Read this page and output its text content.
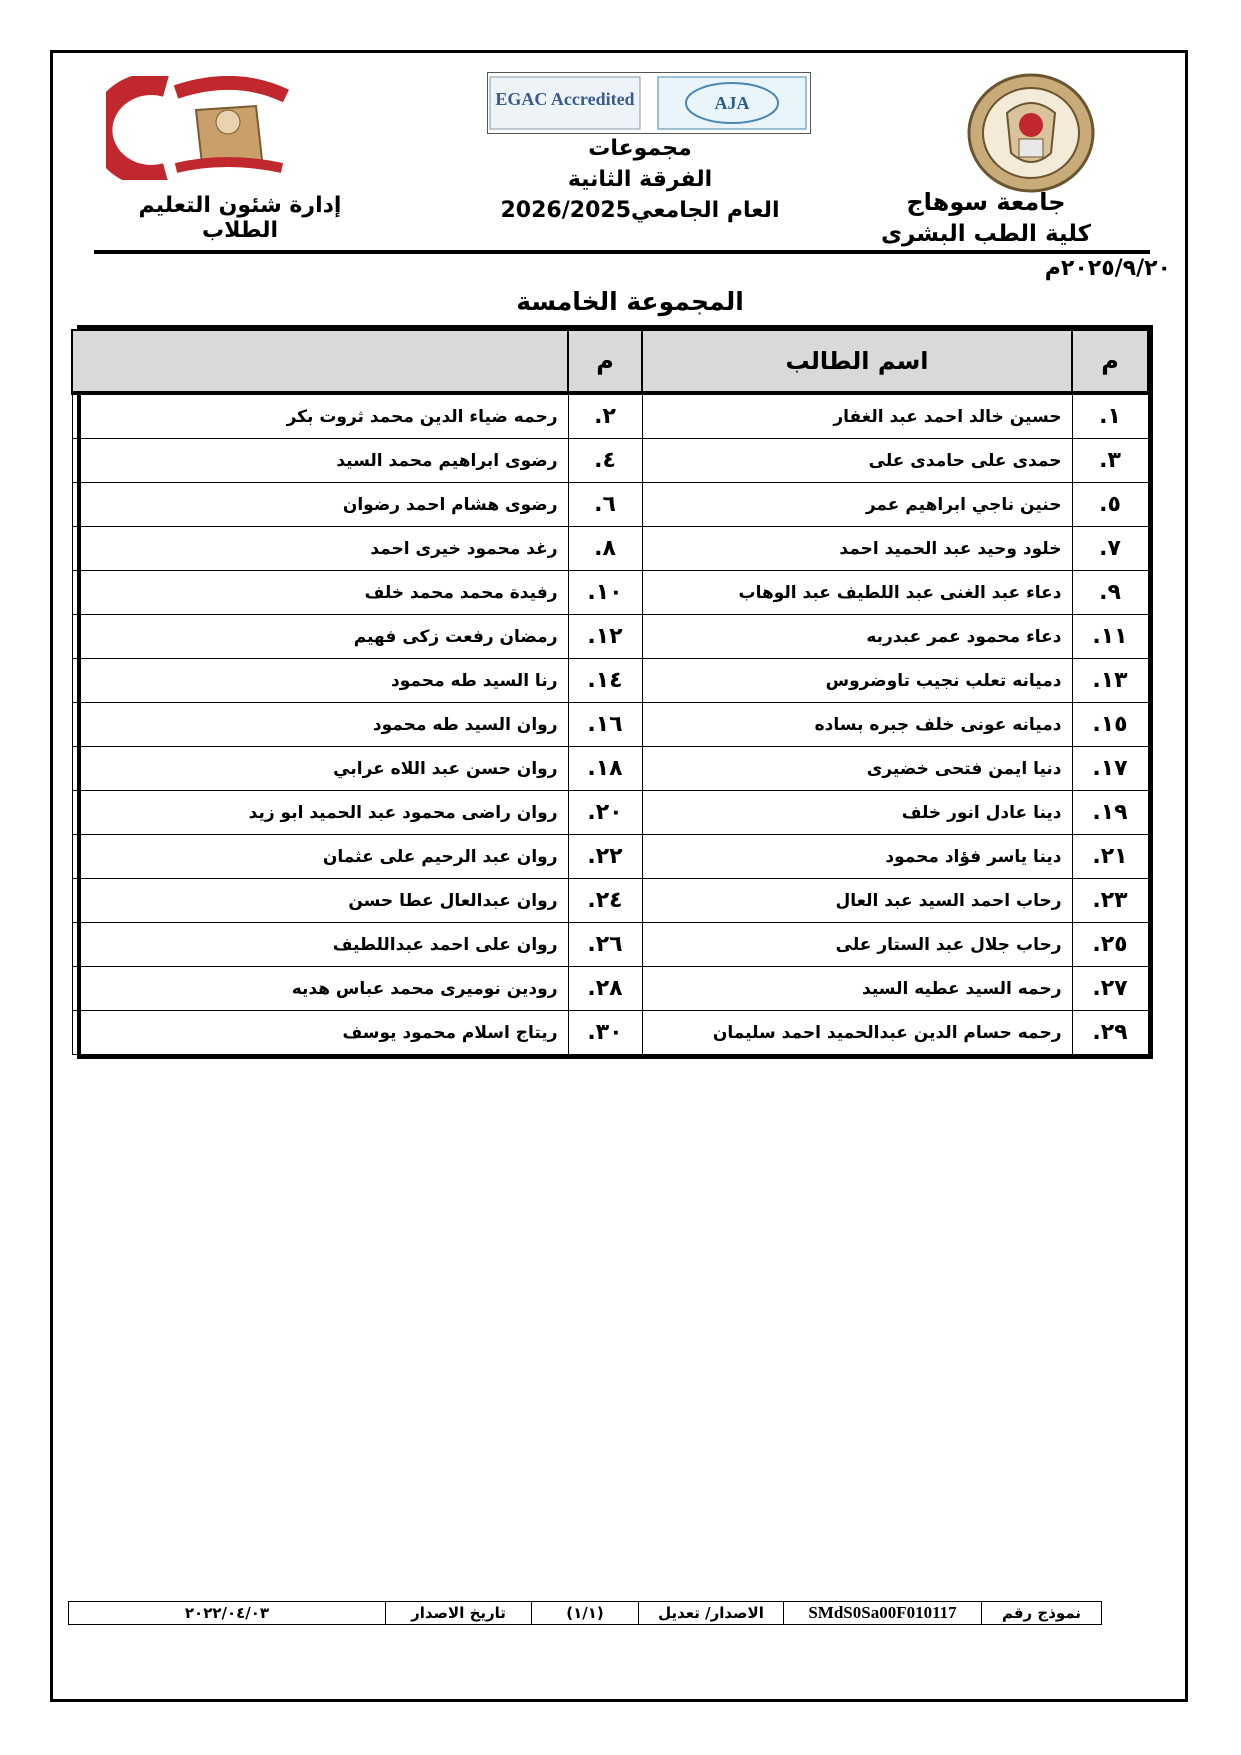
EGAC Accredited	AJA
جامعة سوهاج
كلية الطب البشرى
مجموعات
الفرقة الثانية
العام الجامعي2026/2025
إدارة شئون التعليم الطلاب
٢٠٢٥/٩/٢٠م
المجموعة الخامسة
م	اسم الطالب	م	
١.	حسين خالد احمد عبد الغفار	٢.	رحمه ضياء الدين محمد ثروت بكر
٣.	حمدى على حامدى على	٤.	رضوى ابراهيم محمد السيد
٥.	حنين ناجي ابراهيم عمر	٦.	رضوى هشام احمد رضوان
٧.	خلود وحيد عبد الحميد احمد	٨.	رغد محمود خيرى احمد
٩.	دعاء عبد الغنى عبد اللطيف عبد الوهاب	١٠.	رفيدة محمد محمد خلف
١١.	دعاء محمود عمر عبدربه	١٢.	رمضان رفعت زكى فهيم
١٣.	دميانه تعلب نجيب تاوضروس	١٤.	رنا السيد طه محمود
١٥.	دميانه عونى خلف جبره بساده	١٦.	روان السيد طه محمود
١٧.	دنيا ايمن فتحى خضيرى	١٨.	روان حسن عبد اللاه عرابي
١٩.	دينا عادل انور خلف	٢٠.	روان راضى محمود عبد الحميد ابو زيد
٢١.	دينا ياسر فؤاد محمود	٢٢.	روان عبد الرحيم على عثمان
٢٣.	رحاب احمد السيد عبد العال	٢٤.	روان عبدالعال عطا حسن
٢٥.	رحاب جلال عبد الستار على	٢٦.	روان على احمد عبداللطيف
٢٧.	رحمه السيد عطيه السيد	٢٨.	رودين نوميرى محمد عباس هديه
٢٩.	رحمه حسام الدين عبدالحميد احمد سليمان	٣٠.	ريتاج اسلام محمود يوسف
نموذج رقم	SMdS0Sa00F010117	الاصدار/ تعديل	(١/١)	تاريخ الاصدار	٢٠٢٢/٠٤/٠٣
